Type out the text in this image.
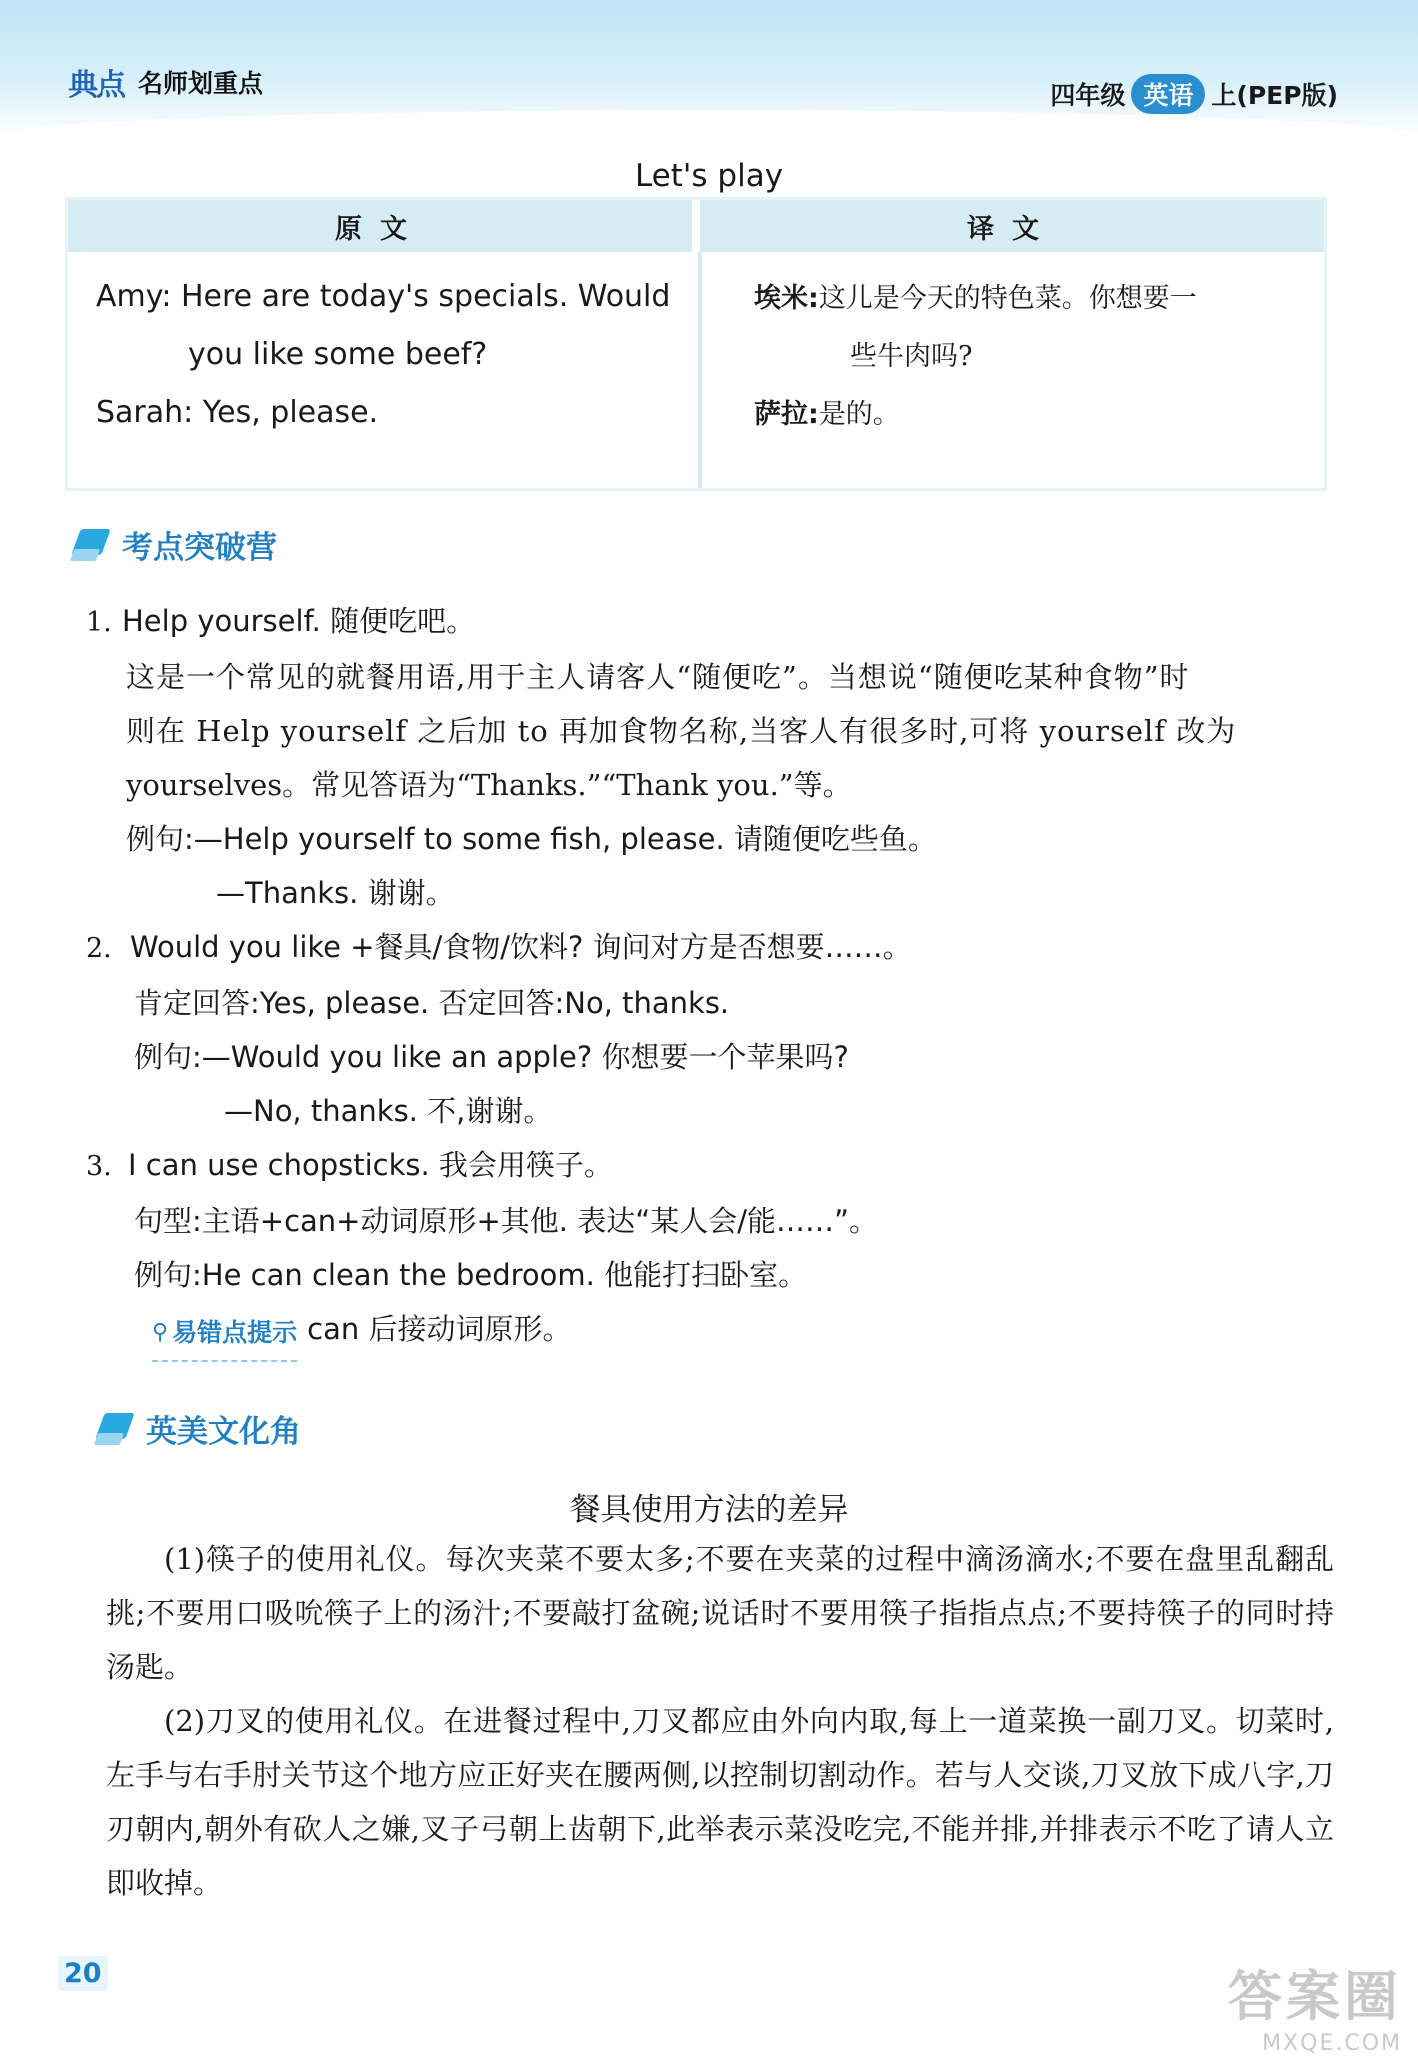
典点 名师划重点	四年级 英语 上(PEP版)
Let's play
原文	译文
Amy: Here are today's specials. Would
you like some beef?
Sarah: Yes, please.
埃米:这儿是今天的特色菜。你想要一
些牛肉吗?
萨拉:是的。
考点突破营

1. Help yourself. 随便吃吧。

这是一个常见的就餐用语,用于主人请客人“随便吃”。当想说“随便吃某种食物”时

则在 Help yourself 之后加 to 再加食物名称,当客人有很多时,可将 yourself 改为

yourselves。常见答语为“Thanks.”“Thank you.”等。

例句:—Help yourself to some fish, please. 请随便吃些鱼。

—Thanks. 谢谢。

2. Would you like +餐具/食物/饮料? 询问对方是否想要……。

肯定回答:Yes, please. 否定回答:No, thanks.

例句:—Would you like an apple? 你想要一个苹果吗?

—No, thanks. 不,谢谢。

3. I can use chopsticks. 我会用筷子。

句型:主语+can+动词原形+其他. 表达“某人会/能……”。

例句:He can clean the bedroom. 他能打扫卧室。

⚲ 易错点提示 can 后接动词原形。

英美文化角
餐具使用方法的差异

(1)筷子的使用礼仪。每次夹菜不要太多;不要在夹菜的过程中滴汤滴水;不要在盘里乱翻乱挑;不要用口吸吮筷子上的汤汁;不要敲打盆碗;说话时不要用筷子指指点点;不要持筷子的同时持汤匙。

(2)刀叉的使用礼仪。在进餐过程中,刀叉都应由外向内取,每上一道菜换一副刀叉。切菜时,左手与右手肘关节这个地方应正好夹在腰两侧,以控制切割动作。若与人交谈,刀叉放下成八字,刀刃朝内,朝外有砍人之嫌,叉子弓朝上齿朝下,此举表示菜没吃完,不能并排,并排表示不吃了请人立即收掉。

20	答案圈
MXQE.COM
